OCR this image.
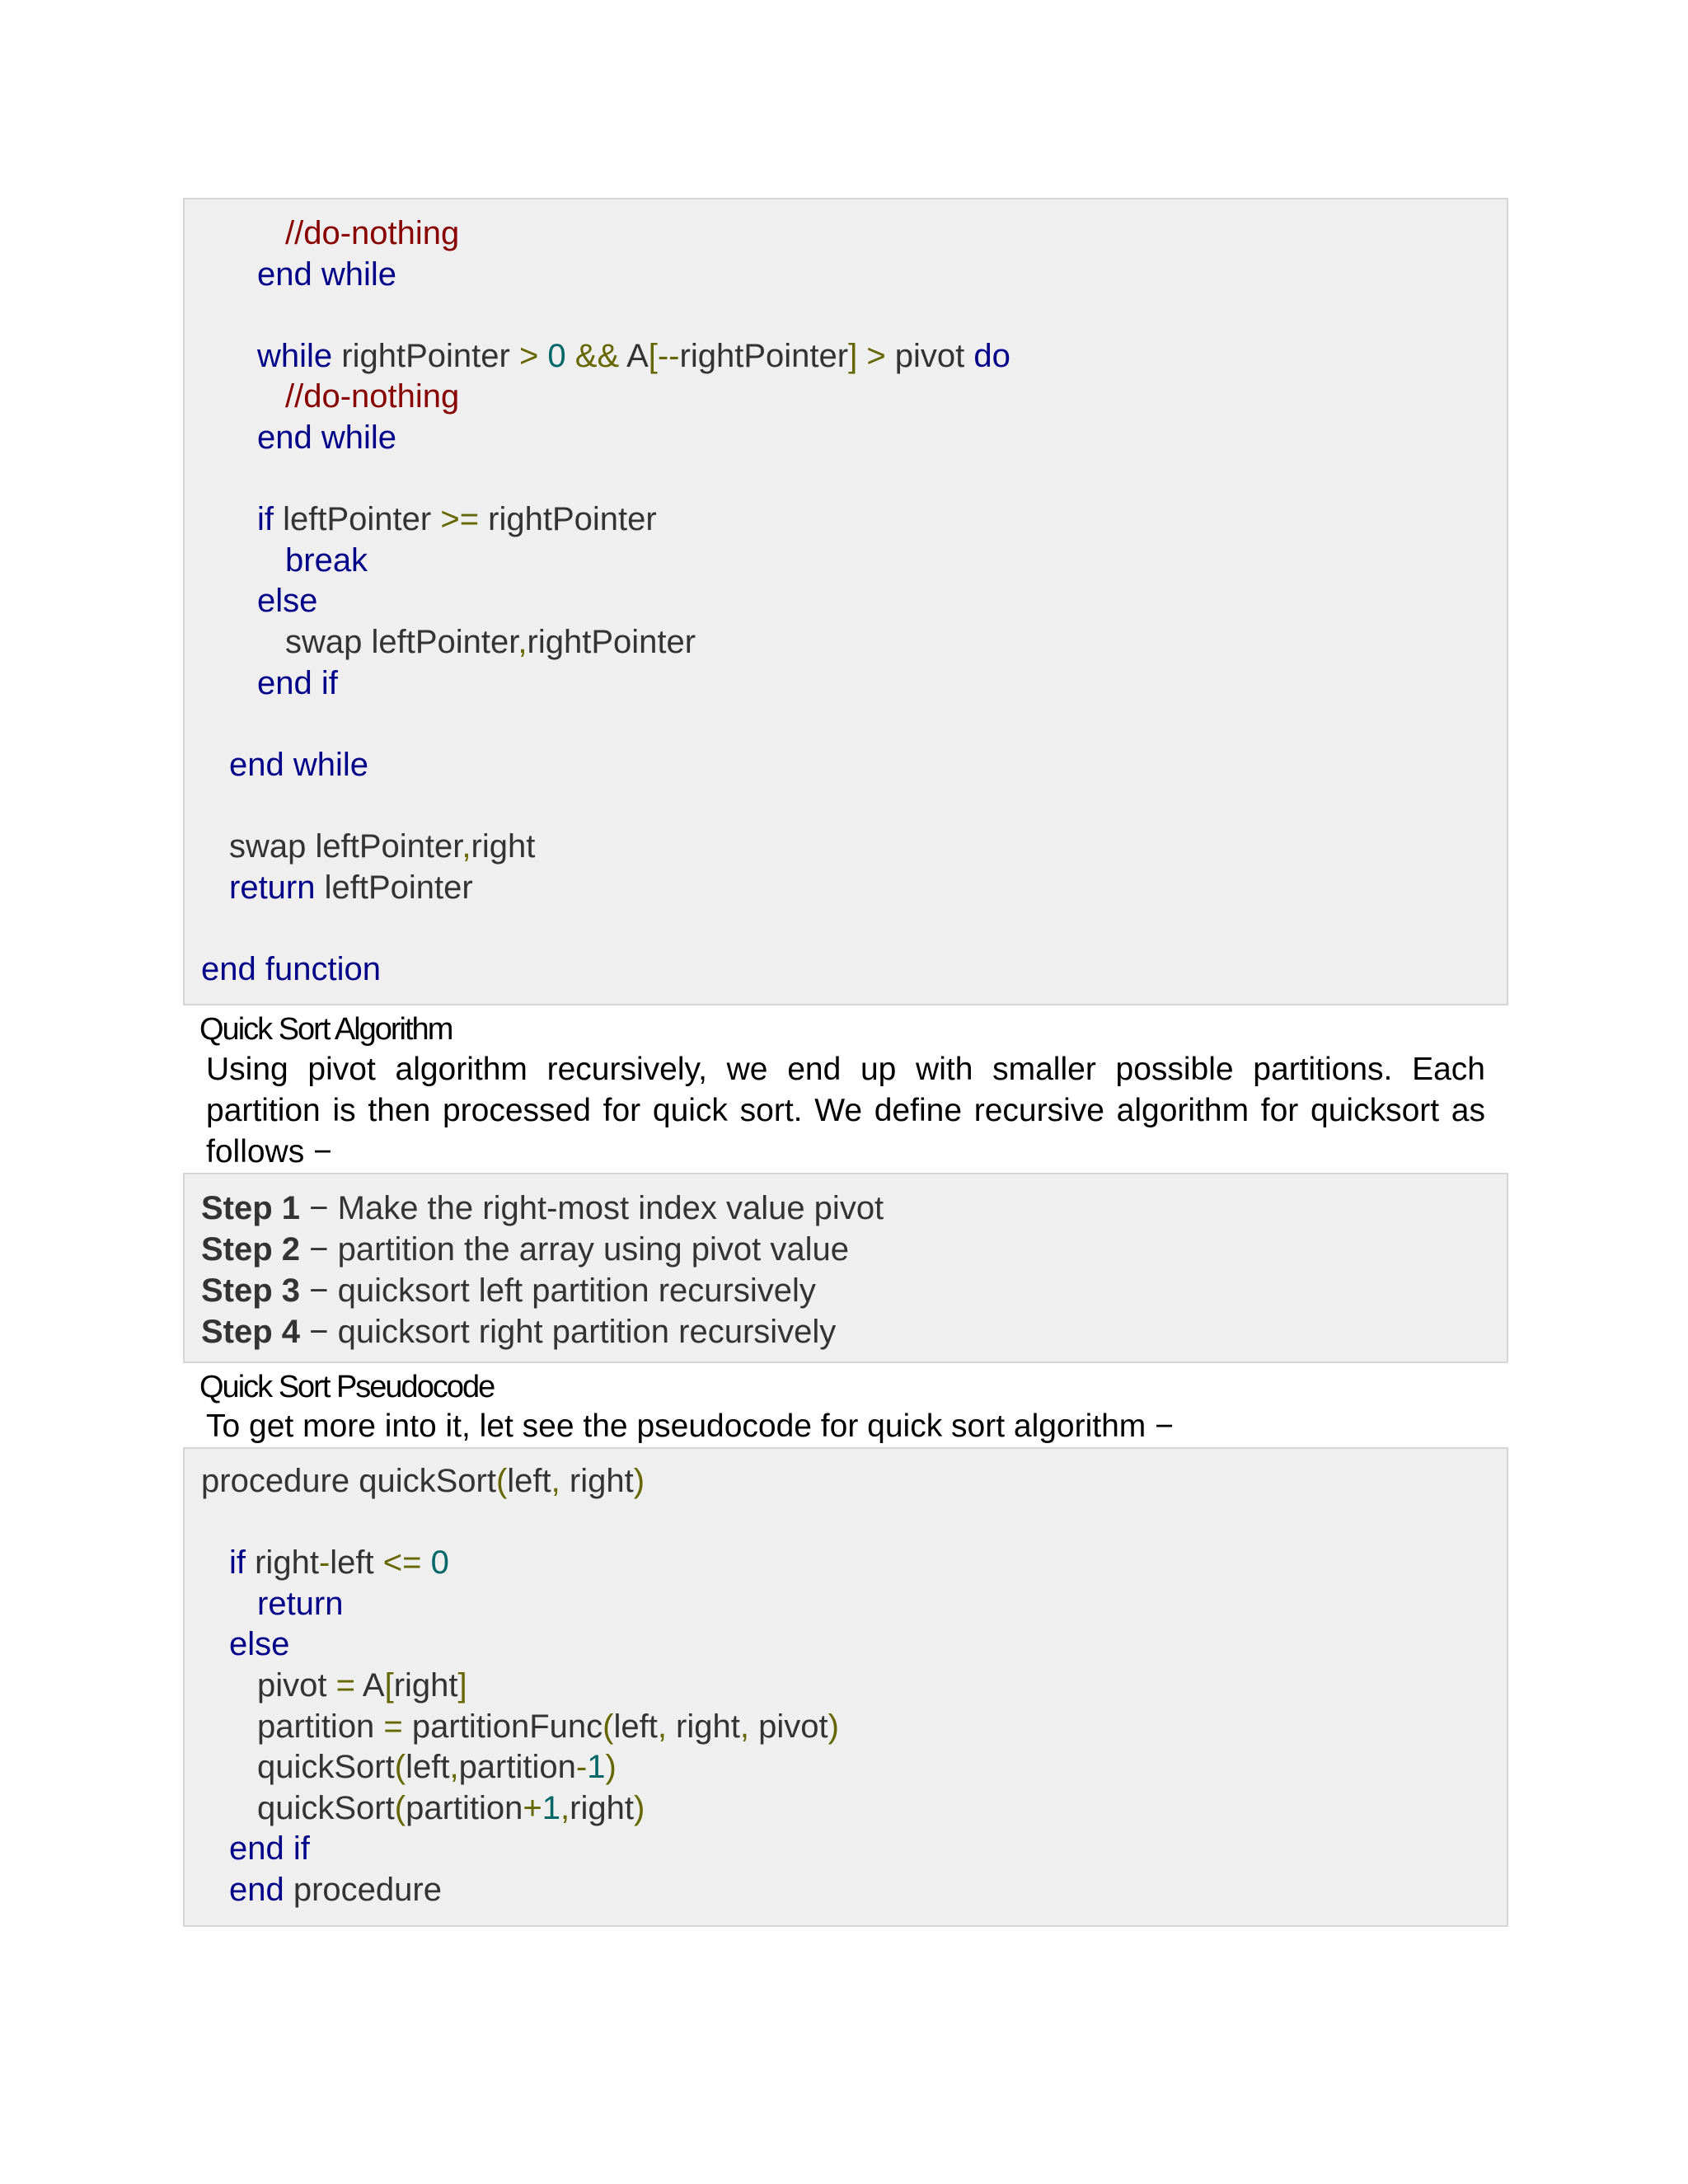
//do-nothing
end while
while rightPointer > 0 && A[--rightPointer] > pivot do
//do-nothing
end while
if leftPointer >= rightPointer
break
else
swap leftPointer,rightPointer
end if
end while
swap leftPointer,right
return leftPointer
end function
Quick Sort Algorithm
Using pivot algorithm recursively, we end up with smaller possible partitions. Each partition is then processed for quick sort. We define recursive algorithm for quicksort as follows −
Step 1 − Make the right-most index value pivot
Step 2 − partition the array using pivot value
Step 3 − quicksort left partition recursively
Step 4 − quicksort right partition recursively
Quick Sort Pseudocode
To get more into it, let see the pseudocode for quick sort algorithm −
procedure quickSort(left, right)
if right-left <= 0
return
else
pivot = A[right]
partition = partitionFunc(left, right, pivot)
quickSort(left,partition-1)
quickSort(partition+1,right)
end if
end procedure
